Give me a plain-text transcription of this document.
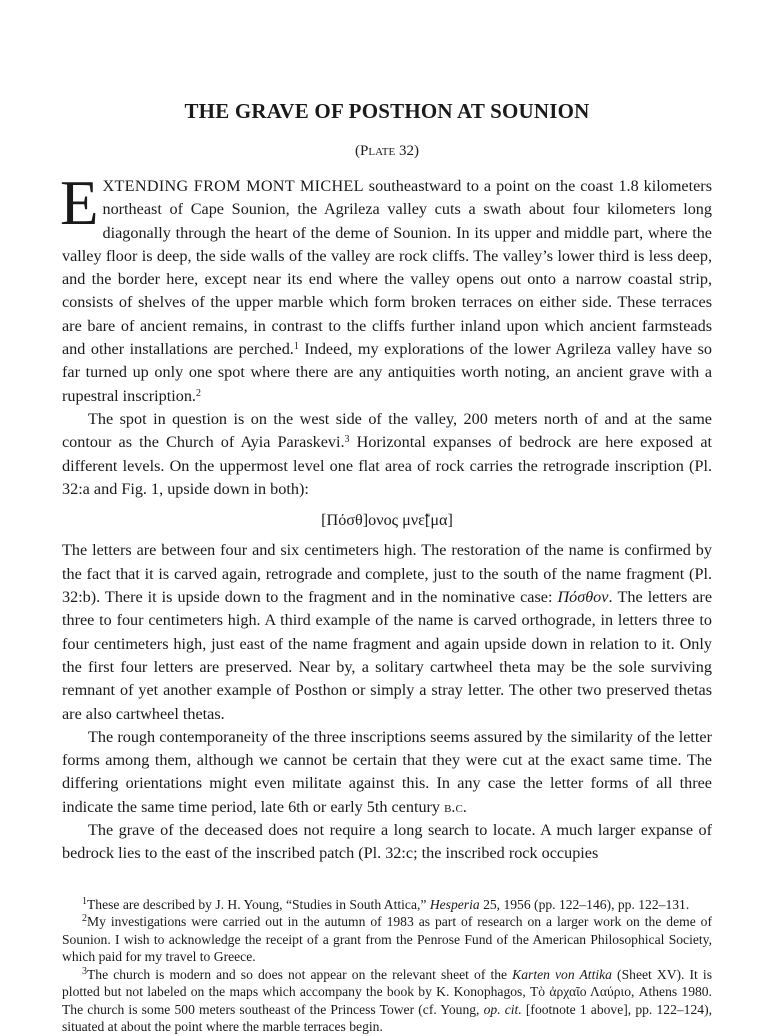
THE GRAVE OF POSTHON AT SOUNION
(Plate 32)

EXTENDING FROM MONT MICHEL southeastward to a point on the coast 1.8 kilometers northeast of Cape Sounion, the Agrileza valley cuts a swath about four kilometers long diagonally through the heart of the deme of Sounion. In its upper and middle part, where the valley floor is deep, the side walls of the valley are rock cliffs. The valley’s lower third is less deep, and the border here, except near its end where the valley opens out onto a narrow coastal strip, consists of shelves of the upper marble which form broken terraces on either side. These terraces are bare of ancient remains, in contrast to the cliffs further inland upon which ancient farmsteads and other installations are perched.$^1$ Indeed, my explorations of the lower Agrileza valley have so far turned up only one spot where there are any antiquities worth noting, an ancient grave with a rupestral inscription.$^2$

The spot in question is on the west side of the valley, 200 meters north of and at the same contour as the Church of Ayia Paraskevi.$^3$ Horizontal expanses of bedrock are here exposed at different levels. On the uppermost level one flat area of rock carries the retrograde inscription (Pl. 32:a and Fig. 1, upside down in both):

[Πόσθ]ονος μνε̃[μα]

The letters are between four and six centimeters high. The restoration of the name is confirmed by the fact that it is carved again, retrograde and complete, just to the south of the name fragment (Pl. 32:b). There it is upside down to the fragment and in the nominative case: Πόσθον. The letters are three to four centimeters high. A third example of the name is carved orthograde, in letters three to four centimeters high, just east of the name fragment and again upside down in relation to it. Only the first four letters are preserved. Near by, a solitary cartwheel theta may be the sole surviving remnant of yet another example of Posthon or simply a stray letter. The other two preserved thetas are also cartwheel thetas.

The rough contemporaneity of the three inscriptions seems assured by the similarity of the letter forms among them, although we cannot be certain that they were cut at the exact same time. The differing orientations might even militate against this. In any case the letter forms of all three indicate the same time period, late 6th or early 5th century b.c.

The grave of the deceased does not require a long search to locate. A much larger expanse of bedrock lies to the east of the inscribed patch (Pl. 32:c; the inscribed rock occupies

$^1$These are described by J. H. Young, “Studies in South Attica,” Hesperia 25, 1956 (pp. 122–146), pp. 122–131.

$^2$My investigations were carried out in the autumn of 1983 as part of research on a larger work on the deme of Sounion. I wish to acknowledge the receipt of a grant from the Penrose Fund of the American Philosophical Society, which paid for my travel to Greece.

$^3$The church is modern and so does not appear on the relevant sheet of the Karten von Attika (Sheet XV). It is plotted but not labeled on the maps which accompany the book by K. Konophagos, Τὸ ἀρχαῖο Λαύριο, Athens 1980. The church is some 500 meters southeast of the Princess Tower (cf. Young, op. cit. [footnote 1 above], pp. 122–124), situated at about the point where the marble terraces begin.
